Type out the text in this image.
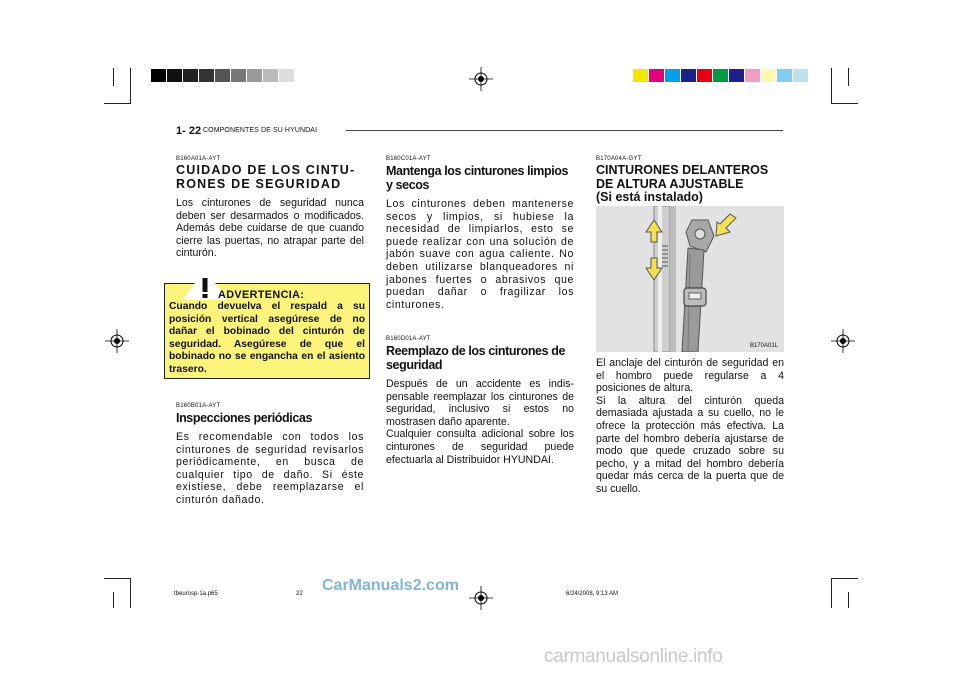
1- 22 COMPONENTES DE SU HYUNDAI
B160A01A-AYT
CUIDADO DE LOS CINTU-
RONES DE SEGURIDAD

Los cinturones de seguridad nunca deben ser desarmados o modificados. Además debe cuidarse de que cuando cierre las puertas, no atrapar parte del cinturón.

ADVERTENCIA:
Cuando devuelva el respald a su posición vertical asegúrese de no dañar el bobinado del cinturón de seguridad. Asegúrese de que el bobinado no se engancha en el asiento trasero.
B160B01A-AYT
Inspecciones periódicas

Es recomendable con todos los cinturones de seguridad revisarlos periódicamente, en busca de cualquier tipo de daño. Si éste existiese, debe reemplazarse el cinturón dañado.

B160C01A-AYT
Mantenga los cinturones limpios
y secos

Los cinturones deben mantenerse secos y limpios, si hubiese la necesidad de limpiarlos, esto se puede realizar con una solución de jabón suave con agua caliente. No deben utilizarse blanqueadores ni jabones fuertes o abrasivos que puedan dañar o fragilizar los cinturones.

B160D01A-AYT
Reemplazo de los cinturones de
seguridad

Después de un accidente es indis- pensable reemplazar los cinturones de seguridad, inclusivo si estos no mostrasen daño aparente.

Cualquier consulta adicional sobre los cinturones de seguridad puede efectuarla al Distribuidor HYUNDAI.

B170A04A-GYT
CINTURONES DELANTEROS
DE ALTURA AJUSTABLE
(Si está instalado)
B170A01L

El anclaje del cinturón de seguridad en el hombro puede regularse a 4 posiciones de altura.

Si la altura del cinturón queda demasiada ajustada a su cuello, no le ofrece la protección más efectiva. La parte del hombro debería ajustarse de modo que quede cruzado sobre su pecho, y a mitad del hombro debería quedar más cerca de la puerta que de su cuello.

tbeurosp-1a.p65	22	6/24/2008, 9:13 AM
CarManuals2.com
carmanualsonline.info
